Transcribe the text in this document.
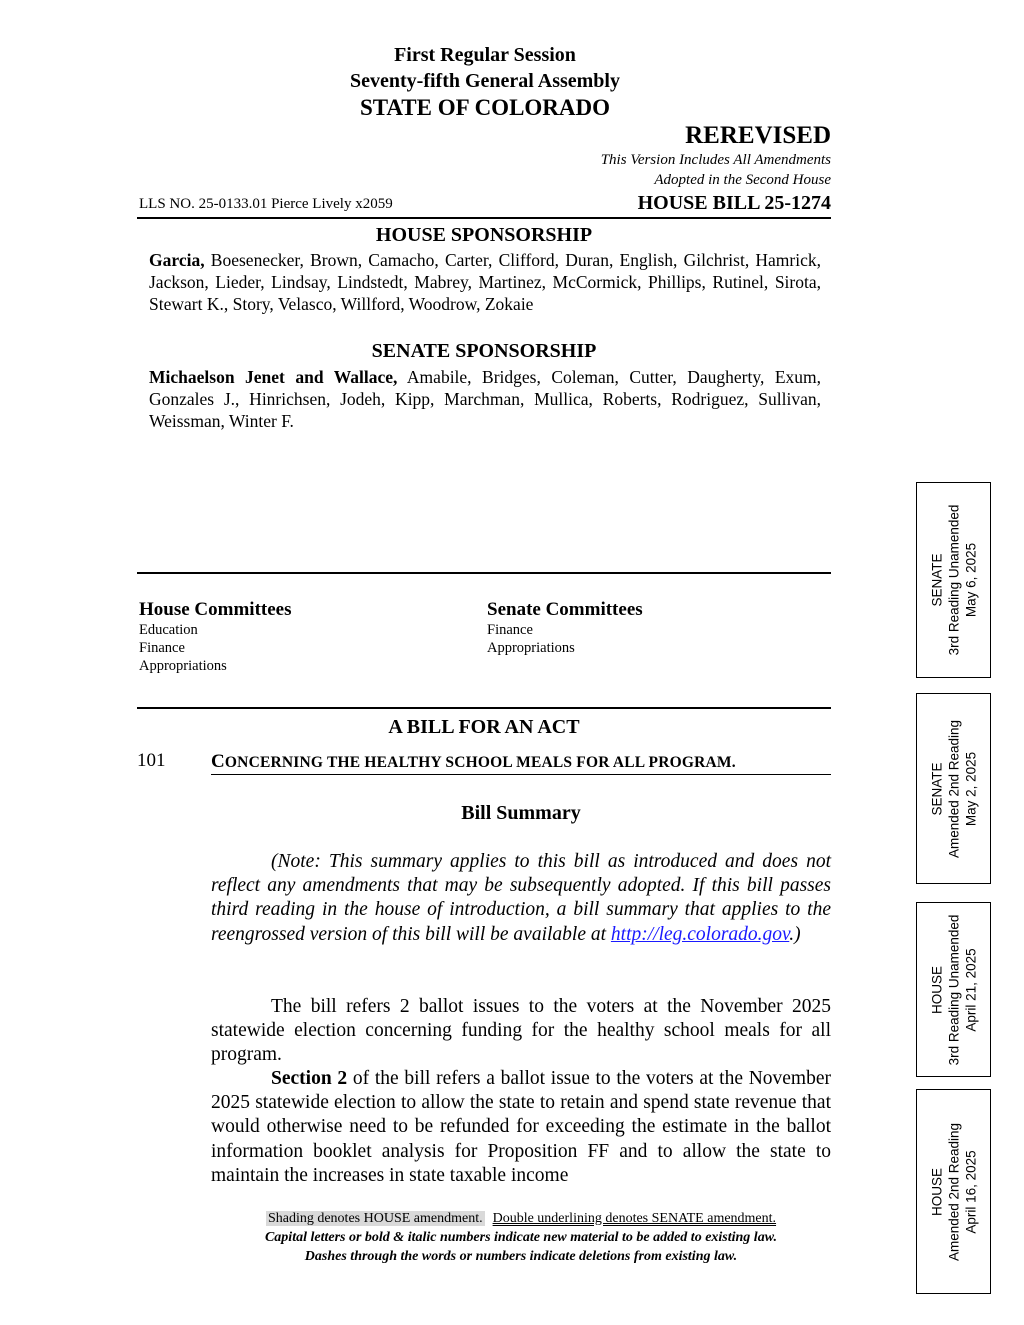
First Regular Session
Seventy-fifth General Assembly
STATE OF COLORADO
REREVISED
This Version Includes All Amendments
Adopted in the Second House
LLS NO. 25-0133.01 Pierce Lively x2059	HOUSE BILL 25-1274
HOUSE SPONSORSHIP
Garcia, Boesenecker, Brown, Camacho, Carter, Clifford, Duran, English, Gilchrist, Hamrick, Jackson, Lieder, Lindsay, Lindstedt, Mabrey, Martinez, McCormick, Phillips, Rutinel, Sirota, Stewart K., Story, Velasco, Willford, Woodrow, Zokaie
SENATE SPONSORSHIP
Michaelson Jenet and Wallace, Amabile, Bridges, Coleman, Cutter, Daugherty, Exum, Gonzales J., Hinrichsen, Jodeh, Kipp, Marchman, Mullica, Roberts, Rodriguez, Sullivan, Weissman, Winter F.
House Committees
Education
Finance
Appropriations
Senate Committees
Finance
Appropriations
A BILL FOR AN ACT
101 CONCERNING THE HEALTHY SCHOOL MEALS FOR ALL PROGRAM.
Bill Summary
(Note: This summary applies to this bill as introduced and does not reflect any amendments that may be subsequently adopted. If this bill passes third reading in the house of introduction, a bill summary that applies to the reengrossed version of this bill will be available at http://leg.colorado.gov.)
The bill refers 2 ballot issues to the voters at the November 2025 statewide election concerning funding for the healthy school meals for all program.
Section 2 of the bill refers a ballot issue to the voters at the November 2025 statewide election to allow the state to retain and spend state revenue that would otherwise need to be refunded for exceeding the estimate in the ballot information booklet analysis for Proposition FF and to allow the state to maintain the increases in state taxable income
Shading denotes HOUSE amendment. Double underlining denotes SENATE amendment.
Capital letters or bold & italic numbers indicate new material to be added to existing law.
Dashes through the words or numbers indicate deletions from existing law.
SENATE 3rd Reading Unamended May 6, 2025
SENATE Amended 2nd Reading May 2, 2025
HOUSE 3rd Reading Unamended April 21, 2025
HOUSE Amended 2nd Reading April 16, 2025
